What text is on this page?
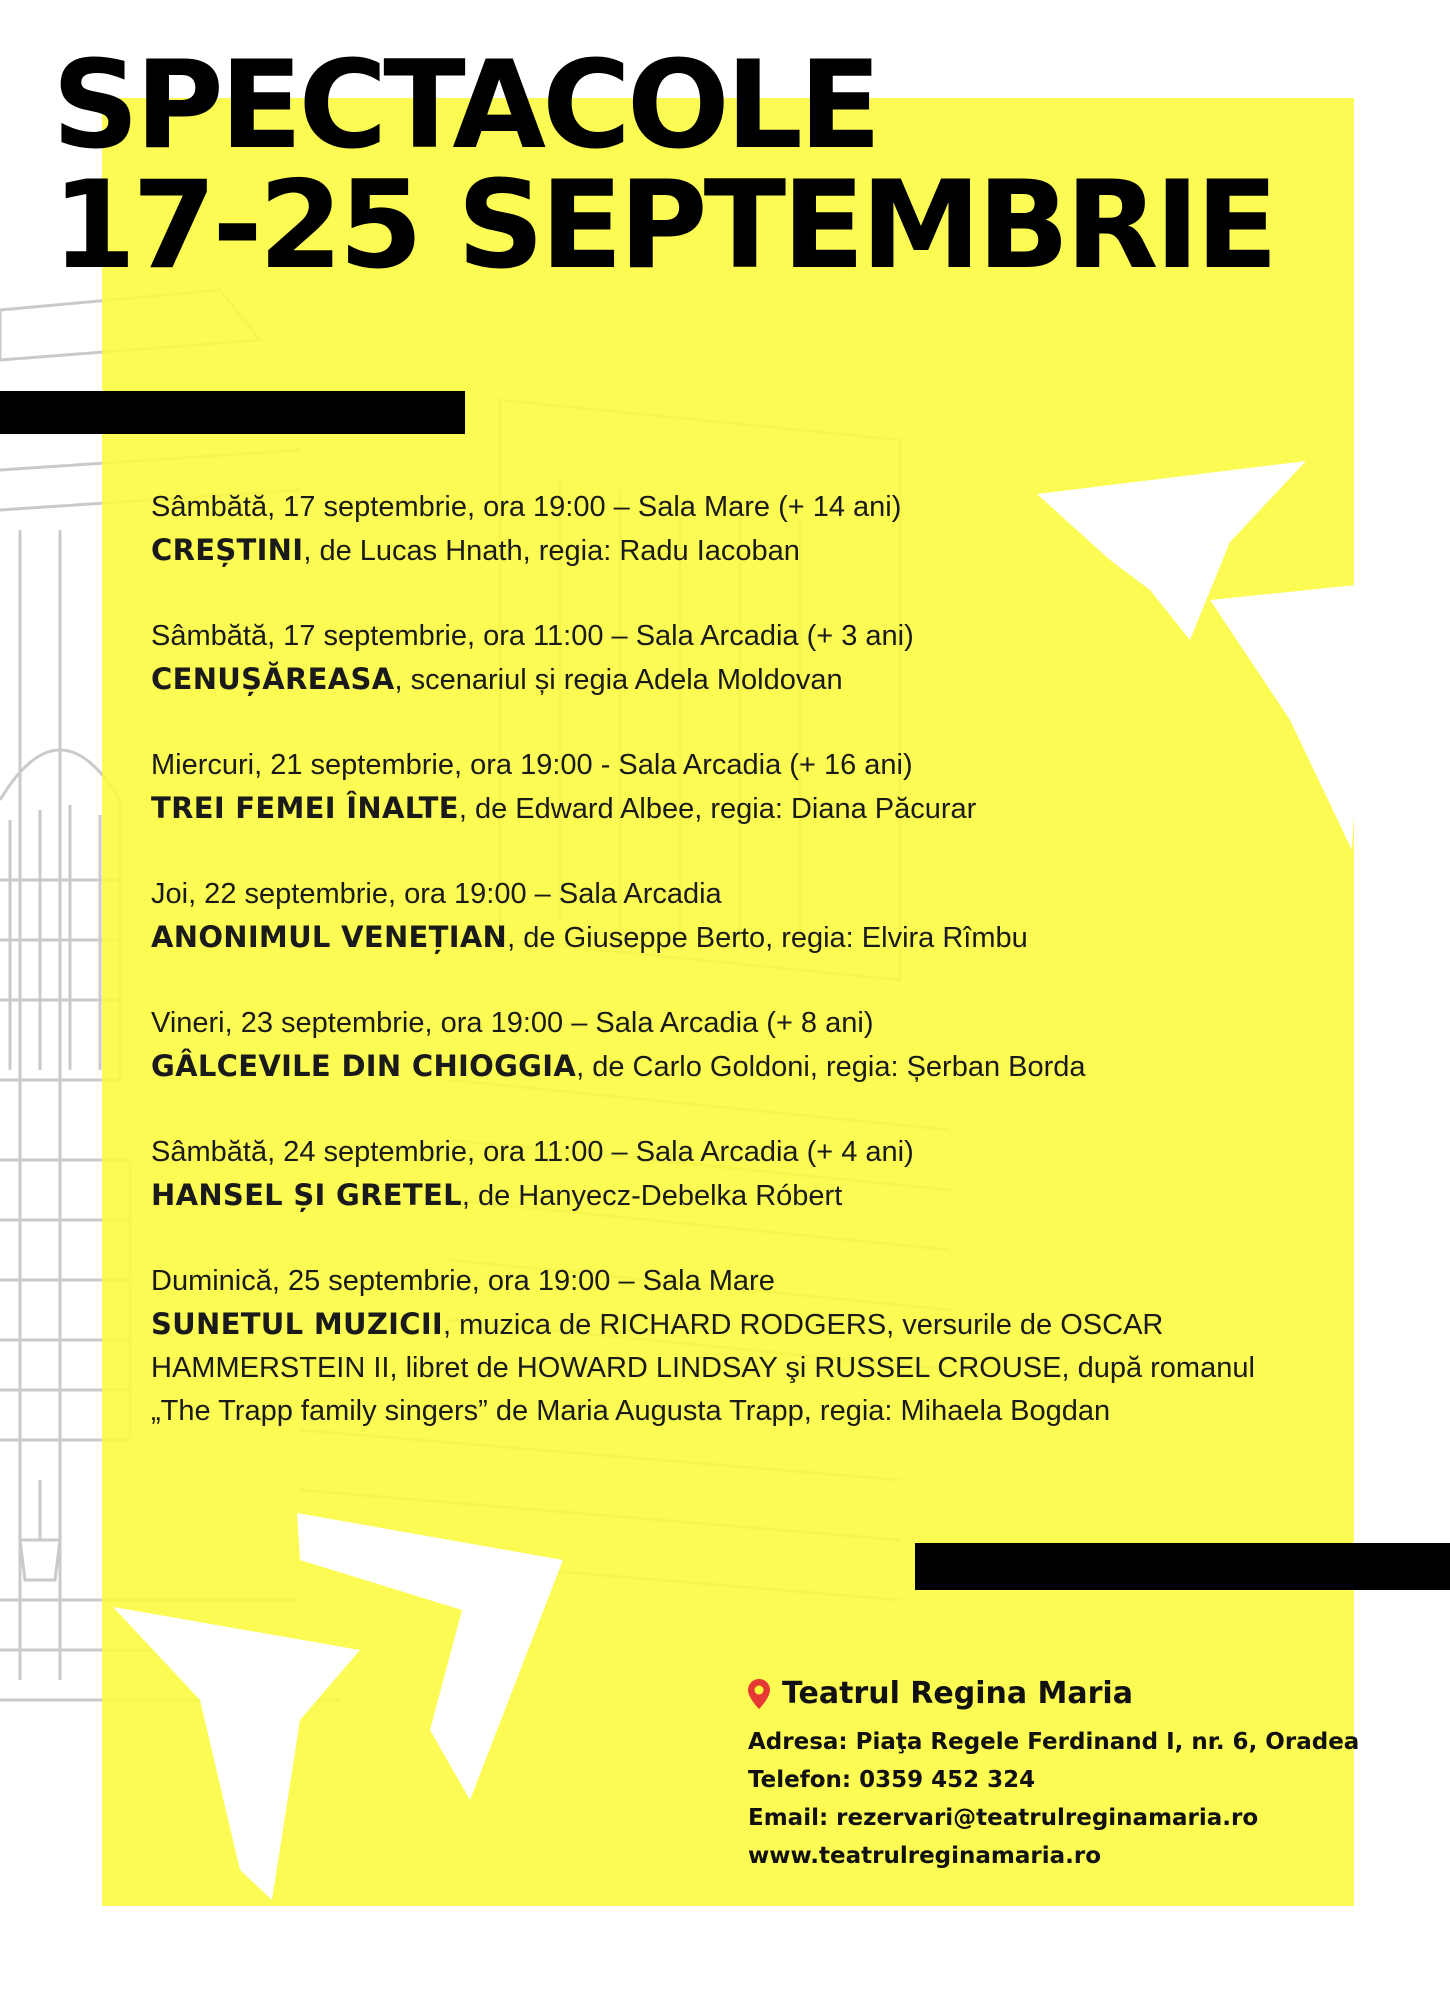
SPECTACOLE
17-25 SEPTEMBRIE

Sâmbătă, 17 septembrie, ora 19:00 – Sala Mare (+ 14 ani)
CREȘTINI, de Lucas Hnath, regia: Radu Iacoban

Sâmbătă, 17 septembrie, ora 11:00 – Sala Arcadia (+ 3 ani)
CENUȘĂREASA, scenariul și regia Adela Moldovan

Miercuri, 21 septembrie, ora 19:00 - Sala Arcadia (+ 16 ani)
TREI FEMEI ÎNALTE, de Edward Albee, regia: Diana Păcurar

Joi, 22 septembrie, ora 19:00 – Sala Arcadia
ANONIMUL VENEȚIAN, de Giuseppe Berto, regia: Elvira Rîmbu

Vineri, 23 septembrie, ora 19:00 – Sala Arcadia (+ 8 ani)
GÂLCEVILE DIN CHIOGGIA, de Carlo Goldoni, regia: Șerban Borda

Sâmbătă, 24 septembrie, ora 11:00 – Sala Arcadia (+ 4 ani)
HANSEL ȘI GRETEL, de Hanyecz-Debelka Róbert

Duminică, 25 septembrie, ora 19:00 – Sala Mare
SUNETUL MUZICII, muzica de RICHARD RODGERS, versurile de OSCAR HAMMERSTEIN II, libret de HOWARD LINDSAY şi RUSSEL CROUSE, după romanul „The Trapp family singers” de Maria Augusta Trapp, regia: Mihaela Bogdan

Teatrul Regina Maria
Adresa: Piaţa Regele Ferdinand I, nr. 6, Oradea
Telefon: 0359 452 324
Email: rezervari@teatrulreginamaria.ro
www.teatrulreginamaria.ro
